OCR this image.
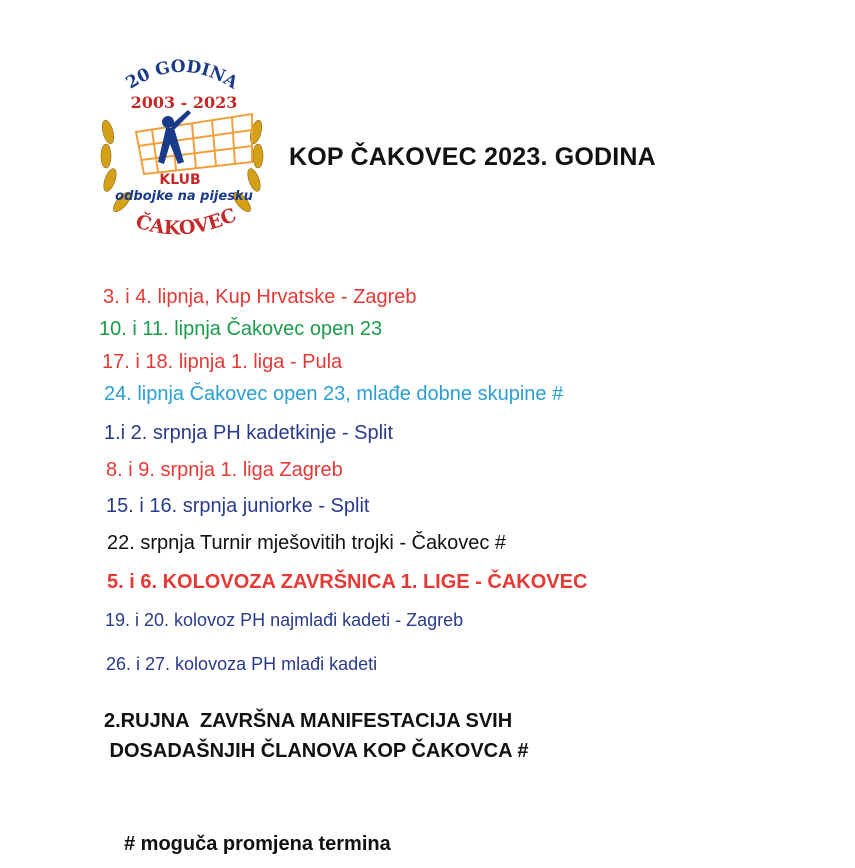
20 GODINA
2003 - 2023
KLUB
odbojke na pijesku
ČAKOVEC
KOP ČAKOVEC 2023. GODINA
3. i 4. lipnja, Kup Hrvatske - Zagreb
10. i 11. lipnja Čakovec open 23
17. i 18. lipnja 1. liga - Pula
24. lipnja Čakovec open 23, mlađe dobne skupine #
1.i 2. srpnja PH kadetkinje - Split
8. i 9. srpnja 1. liga Zagreb
15. i 16. srpnja juniorke - Split
22. srpnja Turnir mješovitih trojki - Čakovec #
5. i 6. KOLOVOZA ZAVRŠNICA 1. LIGE - ČAKOVEC
19. i 20. kolovoz PH najmlađi kadeti - Zagreb
26. i 27. kolovoza PH mlađi kadeti
2.RUJNA  ZAVRŠNA MANIFESTACIJA SVIH
DOSADAŠNJIH ČLANOVA KOP ČAKOVCA #
# moguča promjena termina
